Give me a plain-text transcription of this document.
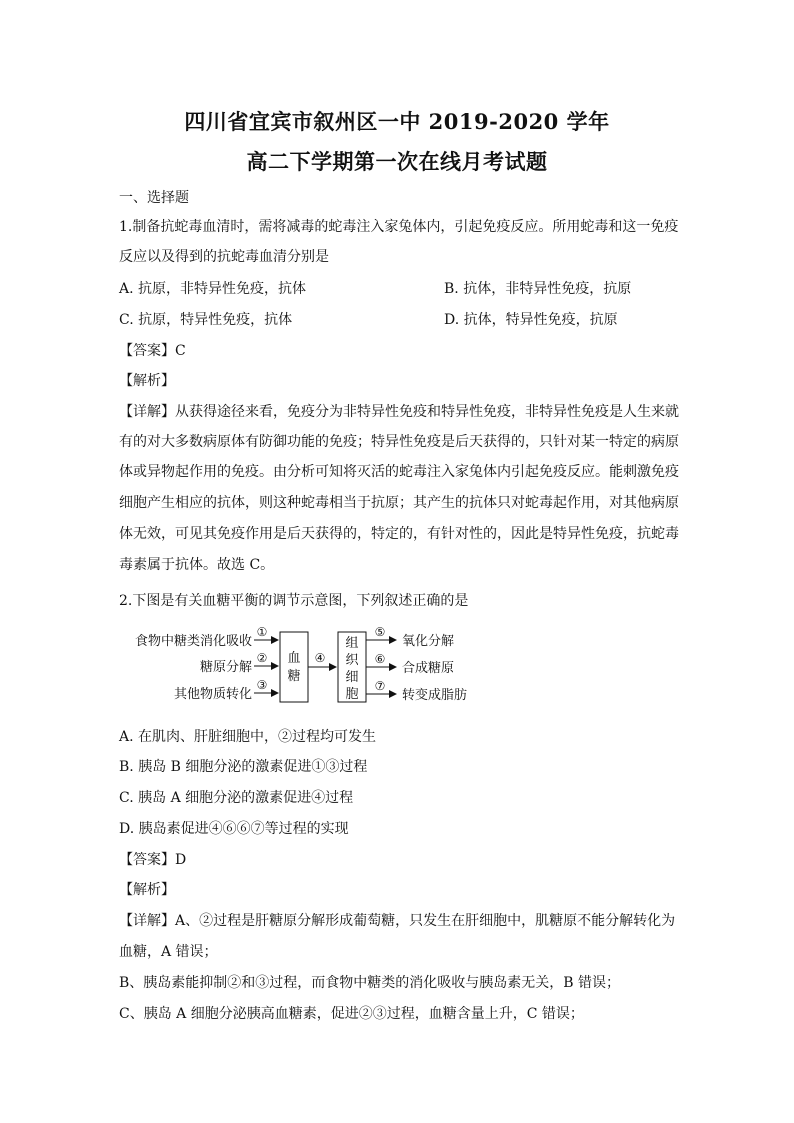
四川省宜宾市叙州区一中 2019-2020 学年
高二下学期第一次在线月考试题
一、选择题
1.制备抗蛇毒血清时，需将减毒的蛇毒注入家兔体内，引起免疫反应。所用蛇毒和这一免疫
反应以及得到的抗蛇毒血清分别是
A. 抗原，非特异性免疫，抗体	B. 抗体，非特异性免疫，抗原
C. 抗原，特异性免疫，抗体	D. 抗体，特异性免疫，抗原
【答案】C
【解析】
【详解】从获得途径来看，免疫分为非特异性免疫和特异性免疫，非特异性免疫是人生来就
有的对大多数病原体有防御功能的免疫；特异性免疫是后天获得的，只针对某一特定的病原
体或异物起作用的免疫。由分析可知将灭活的蛇毒注入家兔体内引起免疫反应。能刺激免疫
细胞产生相应的抗体，则这种蛇毒相当于抗原；其产生的抗体只对蛇毒起作用，对其他病原
体无效，可见其免疫作用是后天获得的，特定的，有针对性的，因此是特异性免疫，抗蛇毒
毒素属于抗体。故选 C。
2.下图是有关血糖平衡的调节示意图，下列叙述正确的是
食物中糖类消化吸收
糖原分解
其他物质转化
①
②
③
血
糖
④
组
织
细
胞
⑤
⑥
⑦
氧化分解
合成糖原
转变成脂肪
A. 在肌肉、肝脏细胞中，②过程均可发生
B. 胰岛 B 细胞分泌的激素促进①③过程
C. 胰岛 A 细胞分泌的激素促进④过程
D. 胰岛素促进④⑥⑥⑦等过程的实现
【答案】D
【解析】
【详解】A、②过程是肝糖原分解形成葡萄糖，只发生在肝细胞中，肌糖原不能分解转化为
血糖，A 错误；
B、胰岛素能抑制②和③过程，而食物中糖类的消化吸收与胰岛素无关，B 错误；
C、胰岛 A 细胞分泌胰高血糖素，促进②③过程，血糖含量上升，C 错误；
